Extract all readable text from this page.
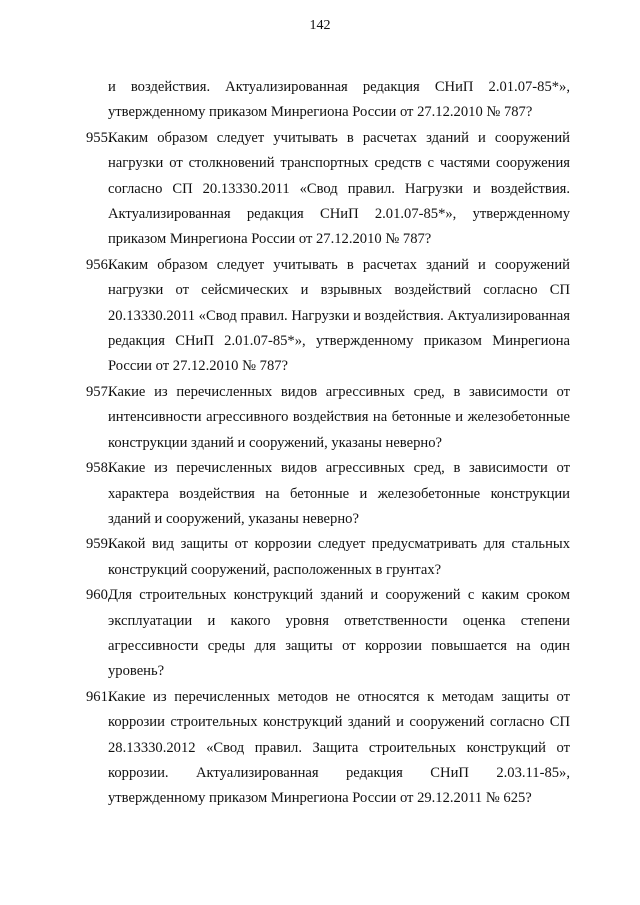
142

и воздействия. Актуализированная редакция СНиП 2.01.07-85*», утвержденному приказом Минрегиона России от 27.12.2010 № 787?

955.
Каким образом следует учитывать в расчетах зданий и сооружений нагрузки от столкновений транспортных средств с частями сооружения согласно СП 20.13330.2011 «Свод правил. Нагрузки и воздействия. Актуализированная редакция СНиП 2.01.07-85*», утвержденному приказом Минрегиона России от 27.12.2010 № 787?
956.
Каким образом следует учитывать в расчетах зданий и сооружений нагрузки от сейсмических и взрывных воздействий согласно СП 20.13330.2011 «Свод правил. Нагрузки и воздействия. Актуализированная редакция СНиП 2.01.07-85*», утвержденному приказом Минрегиона России от 27.12.2010 № 787?
957.
Какие из перечисленных видов агрессивных сред, в зависимости от интенсивности агрессивного воздействия на бетонные и железобетонные конструкции зданий и сооружений, указаны неверно?
958.
Какие из перечисленных видов агрессивных сред, в зависимости от характера воздействия на бетонные и железобетонные конструкции зданий и сооружений, указаны неверно?
959.
Какой вид защиты от коррозии следует предусматривать для стальных конструкций сооружений, расположенных в грунтах?
960.
Для строительных конструкций зданий и сооружений с каким сроком эксплуатации и какого уровня ответственности оценка степени агрессивности среды для защиты от коррозии повышается на один уровень?
961.
Какие из перечисленных методов не относятся к методам защиты от коррозии строительных конструкций зданий и сооружений согласно СП 28.13330.2012 «Свод правил. Защита строительных конструкций от коррозии. Актуализированная редакция СНиП 2.03.11-85», утвержденному приказом Минрегиона России от 29.12.2011 № 625?
